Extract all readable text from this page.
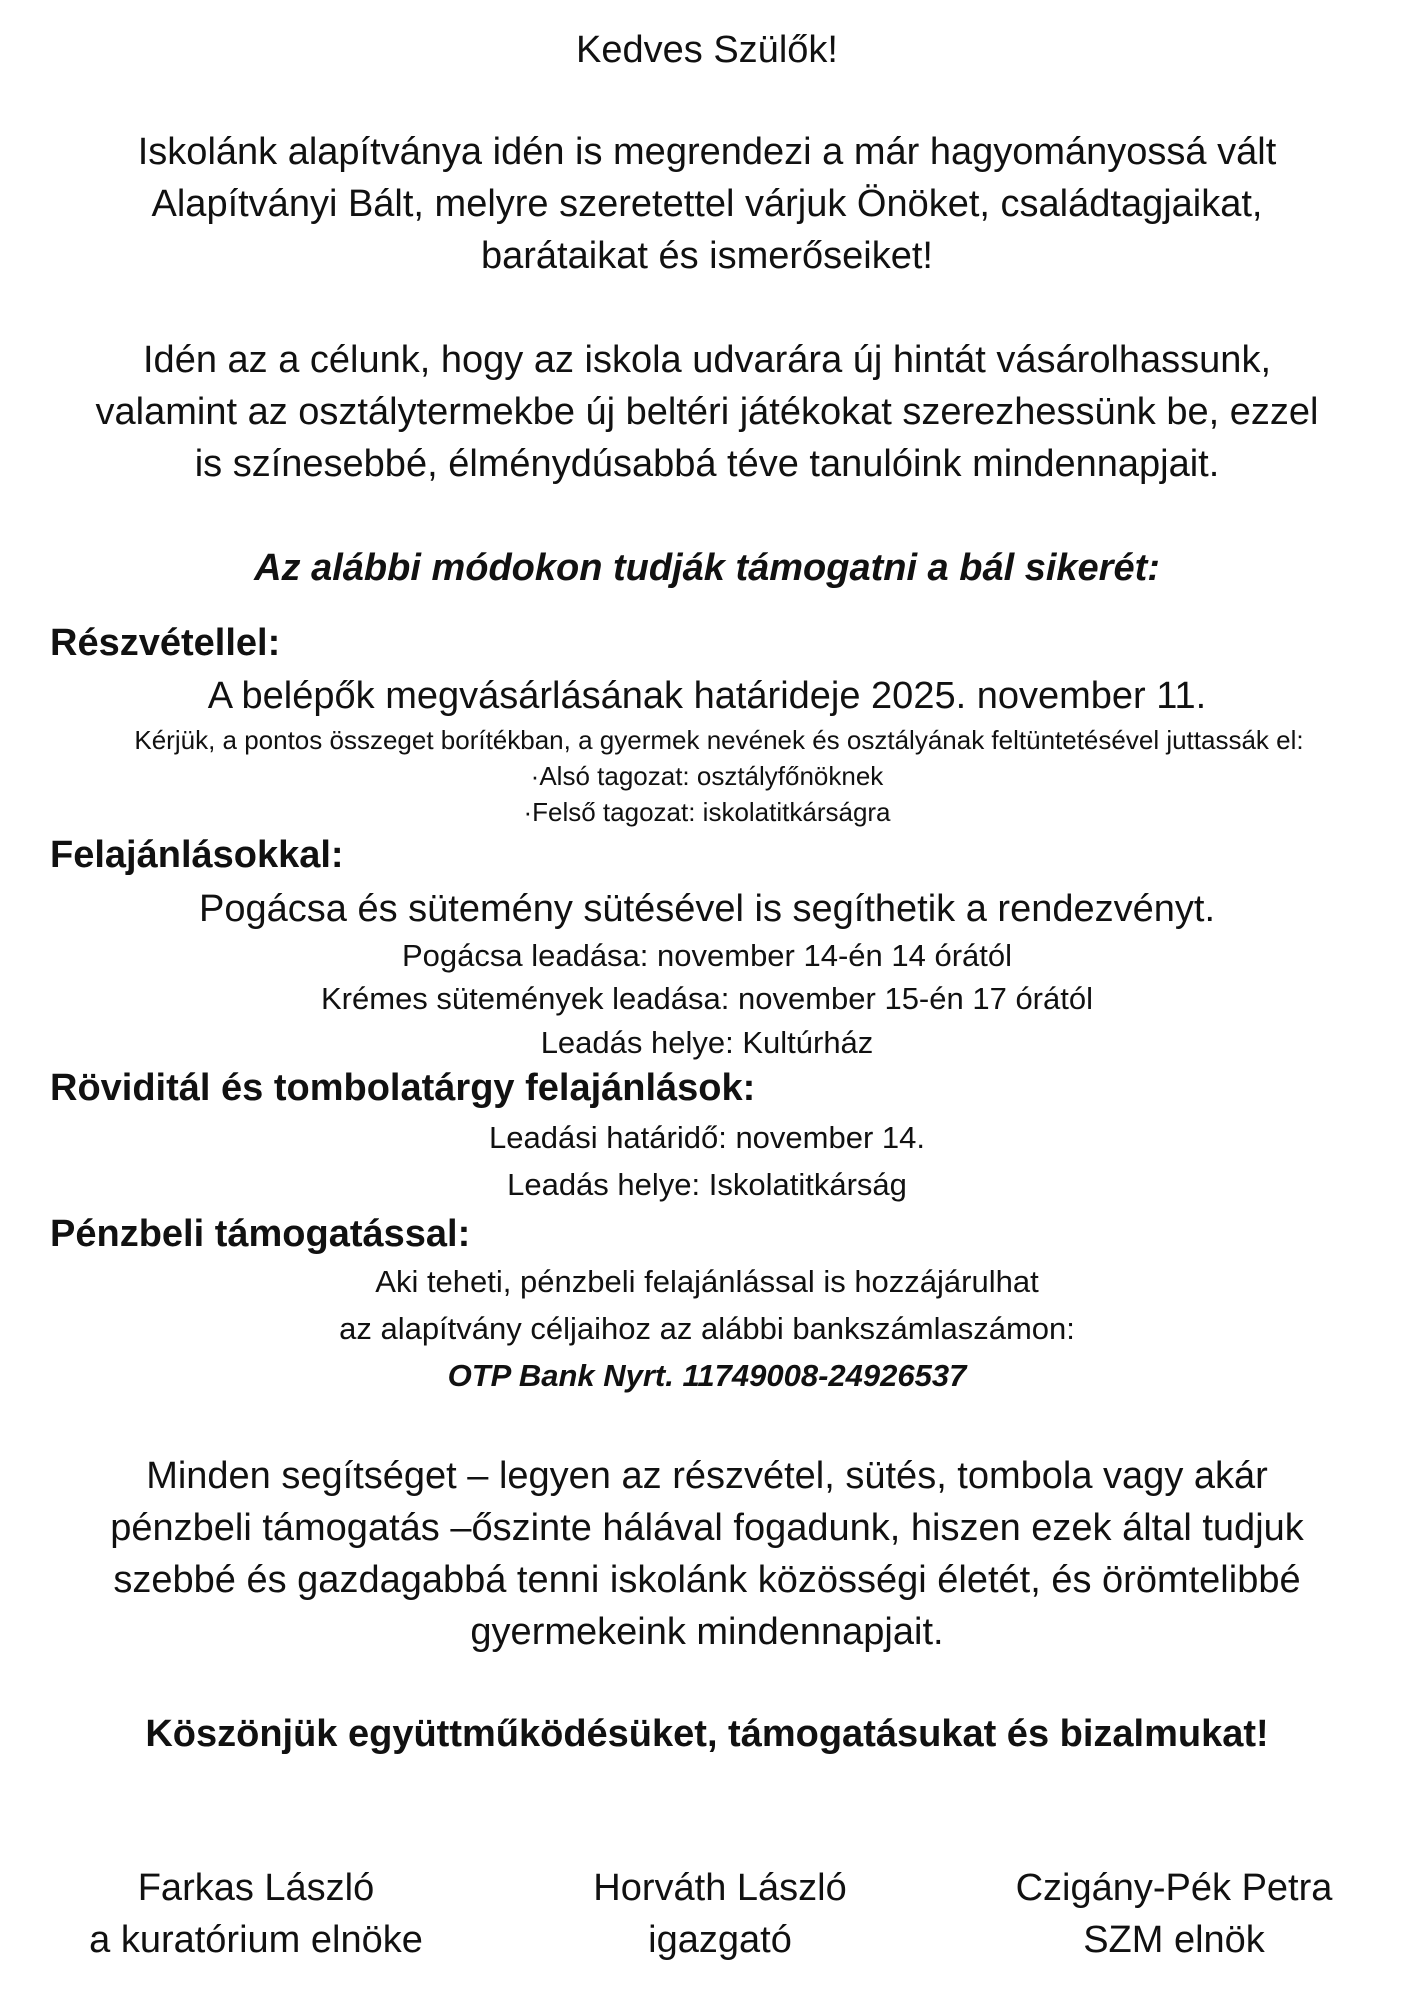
Kedves Szülők!
Iskolánk alapítványa idén is megrendezi a már hagyományossá vált
Alapítványi Bált, melyre szeretettel várjuk Önöket, családtagjaikat,
barátaikat és ismerőseiket!
Idén az a célunk, hogy az iskola udvarára új hintát vásárolhassunk,
valamint az osztálytermekbe új beltéri játékokat szerezhessünk be, ezzel
is színesebbé, élménydúsabbá téve tanulóink mindennapjait.
Az alábbi módokon tudják támogatni a bál sikerét:
Részvétellel:
A belépők megvásárlásának határideje 2025. november 11.
Kérjük, a pontos összeget borítékban, a gyermek nevének és osztályának feltüntetésével juttassák el:
·Alsó tagozat: osztályfőnöknek
·Felső tagozat: iskolatitkárságra
Felajánlásokkal:
Pogácsa és sütemény sütésével is segíthetik a rendezvényt.
Pogácsa leadása: november 14-én 14 órától
Krémes sütemények leadása: november 15-én 17 órától
Leadás helye: Kultúrház
Röviditál és tombolatárgy felajánlások:
Leadási határidő: november 14.
Leadás helye: Iskolatitkárság
Pénzbeli támogatással:
Aki teheti, pénzbeli felajánlással is hozzájárulhat
az alapítvány céljaihoz az alábbi bankszámlaszámon:
OTP Bank Nyrt. 11749008-24926537
Minden segítséget – legyen az részvétel, sütés, tombola vagy akár
pénzbeli támogatás –őszinte hálával fogadunk, hiszen ezek által tudjuk
szebbé és gazdagabbá tenni iskolánk közösségi életét, és örömtelibbé
gyermekeink mindennapjait.
Köszönjük együttműködésüket, támogatásukat és bizalmukat!
Farkas László
a kuratórium elnöke
Horváth László
igazgató
Czigány-Pék Petra
SZM elnök
